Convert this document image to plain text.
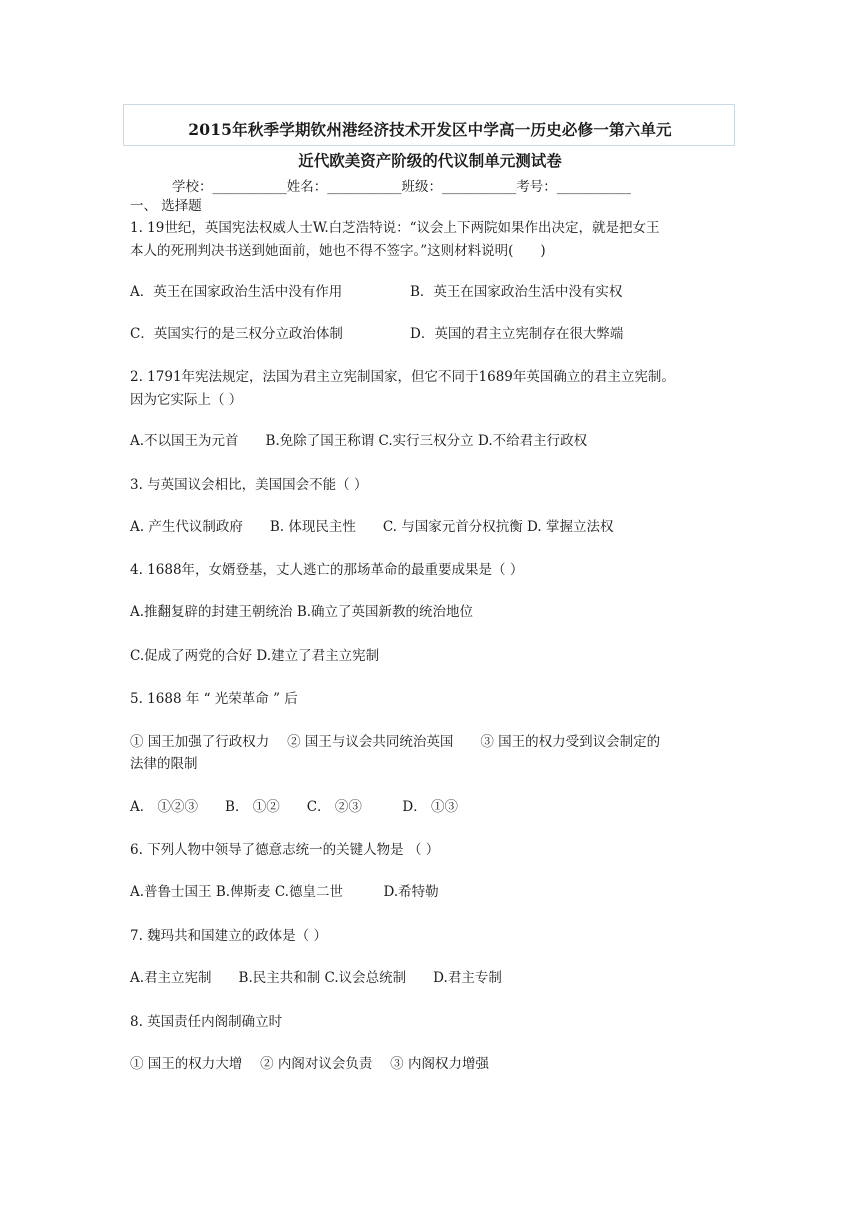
2015年秋季学期钦州港经济技术开发区中学高一历史必修一第六单元
近代欧美资产阶级的代议制单元测试卷
学校：___________姓名：___________班级：___________考号：___________
一、 选择题
1. 19世纪，英国宪法权威人士W.白芝浩特说：“议会上下两院如果作出决定，就是把女王
本人的死刑判决书送到她面前，她也不得不签字。”这则材料说明(　　)
A．英王在国家政治生活中没有作用	B．英王在国家政治生活中没有实权
C．英国实行的是三权分立政治体制	D．英国的君主立宪制存在很大弊端
2. 1791年宪法规定，法国为君主立宪制国家，但它不同于1689年英国确立的君主立宪制。
因为它实际上（ ）
A.不以国王为元首　　B.免除了国王称谓 C.实行三权分立 D.不给君主行政权
3. 与英国议会相比，美国国会不能（ ）
A. 产生代议制政府　　B. 体现民主性　　C. 与国家元首分权抗衡 D. 掌握立法权
4. 1688年，女婿登基，丈人逃亡的那场革命的最重要成果是（ ）
A.推翻复辟的封建王朝统治 B.确立了英国新教的统治地位
C.促成了两党的合好 D.建立了君主立宪制
5. 1688 年 “ 光荣革命 ” 后
① 国王加强了行政权力　 ② 国王与议会共同统治英国　　③ 国王的权力受到议会制定的
法律的限制
A． ①②③　　B． ①②　　C． ②③　　　D． ①③
6. 下列人物中领导了德意志统一的关键人物是 （ ）
A.普鲁士国王 B.俾斯麦 C.德皇二世　　　D.希特勒
7. 魏玛共和国建立的政体是（ ）
A.君主立宪制　　B.民主共和制 C.议会总统制　　D.君主专制
8. 英国责任内阁制确立时
① 国王的权力大增　 ② 内阁对议会负责　 ③ 内阁权力增强
